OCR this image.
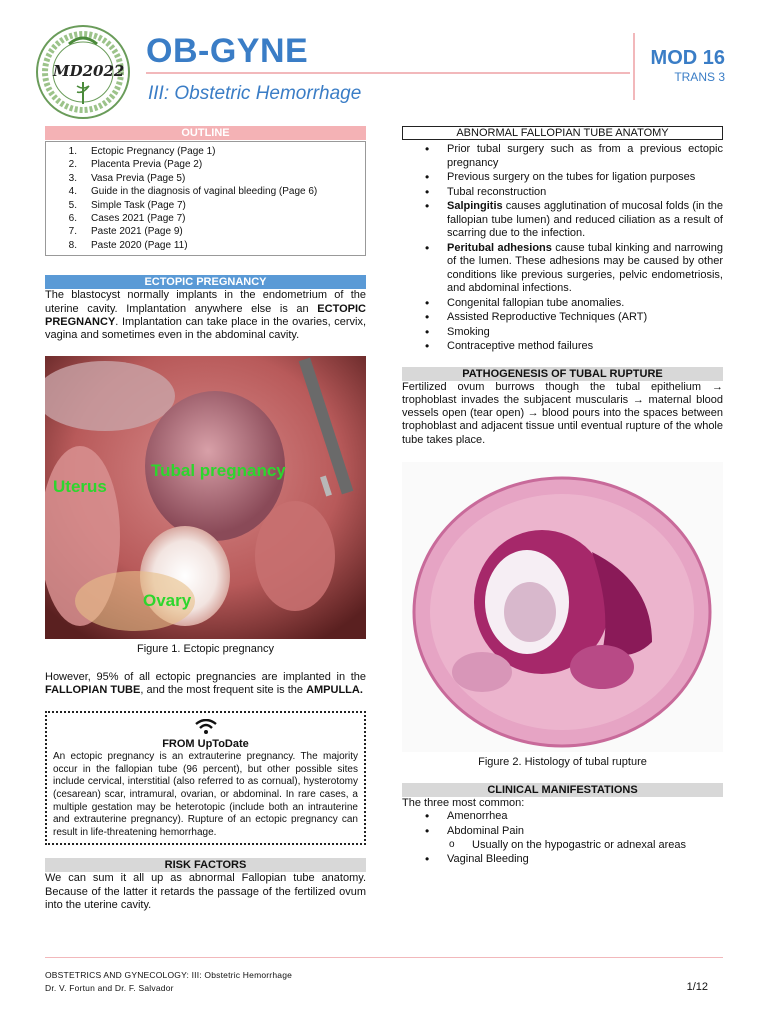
MD2022
OB-GYNE
III: Obstetric Hemorrhage
MOD 16
TRANS 3
OUTLINE
1.	Ectopic Pregnancy (Page 1)
2.	Placenta Previa (Page 2)
3.	Vasa Previa (Page 5)
4.	Guide in the diagnosis of vaginal bleeding (Page 6)
5.	Simple Task (Page 7)
6.	Cases 2021 (Page 7)
7.	Paste 2021 (Page 9)
8.	Paste 2020 (Page 11)
ECTOPIC PREGNANCY

The blastocyst normally implants in the endometrium of the uterine cavity. Implantation anywhere else is an ECTOPIC PREGNANCY. Implantation can take place in the ovaries, cervix, vagina and sometimes even in the abdominal cavity.

Uterus
Tubal pregnancy
Ovary
Figure 1. Ectopic pregnancy

However, 95% of all ectopic pregnancies are implanted in the FALLOPIAN TUBE, and the most frequent site is the AMPULLA.

FROM UpToDate

An ectopic pregnancy is an extrauterine pregnancy. The majority occur in the fallopian tube (96 percent), but other possible sites include cervical, interstitial (also referred to as cornual), hysterotomy (cesarean) scar, intramural, ovarian, or abdominal. In rare cases, a multiple gestation may be heterotopic (include both an intrauterine and extrauterine pregnancy). Rupture of an ectopic pregnancy can result in life-threatening hemorrhage.

RISK FACTORS

We can sum it all up as abnormal Fallopian tube anatomy. Because of the latter it retards the passage of the fertilized ovum into the uterine cavity.

ABNORMAL FALLOPIAN TUBE ANATOMY
• Prior tubal surgery such as from a previous ectopic pregnancy
• Previous surgery on the tubes for ligation purposes
• Tubal reconstruction
• Salpingitis causes agglutination of mucosal folds (in the fallopian tube lumen) and reduced ciliation as a result of scarring due to the infection.
• Peritubal adhesions cause tubal kinking and narrowing of the lumen. These adhesions may be caused by other conditions like previous surgeries, pelvic endometriosis, and abdominal infections.
• Congenital fallopian tube anomalies.
• Assisted Reproductive Techniques (ART)
• Smoking
• Contraceptive method failures
PATHOGENESIS OF TUBAL RUPTURE

Fertilized ovum burrows though the tubal epithelium → trophoblast invades the subjacent muscularis → maternal blood vessels open (tear open) → blood pours into the spaces between trophoblast and adjacent tissue until eventual rupture of the whole tube takes place.

Figure 2. Histology of tubal rupture
CLINICAL MANIFESTATIONS

The three most common:

• Amenorrhea
• Abdominal Pain
o Usually on the hypogastric or adnexal areas
• Vaginal Bleeding
OBSTETRICS AND GYNECOLOGY: III: Obstetric Hemorrhage
Dr. V. Fortun and Dr. F. Salvador	1/12
